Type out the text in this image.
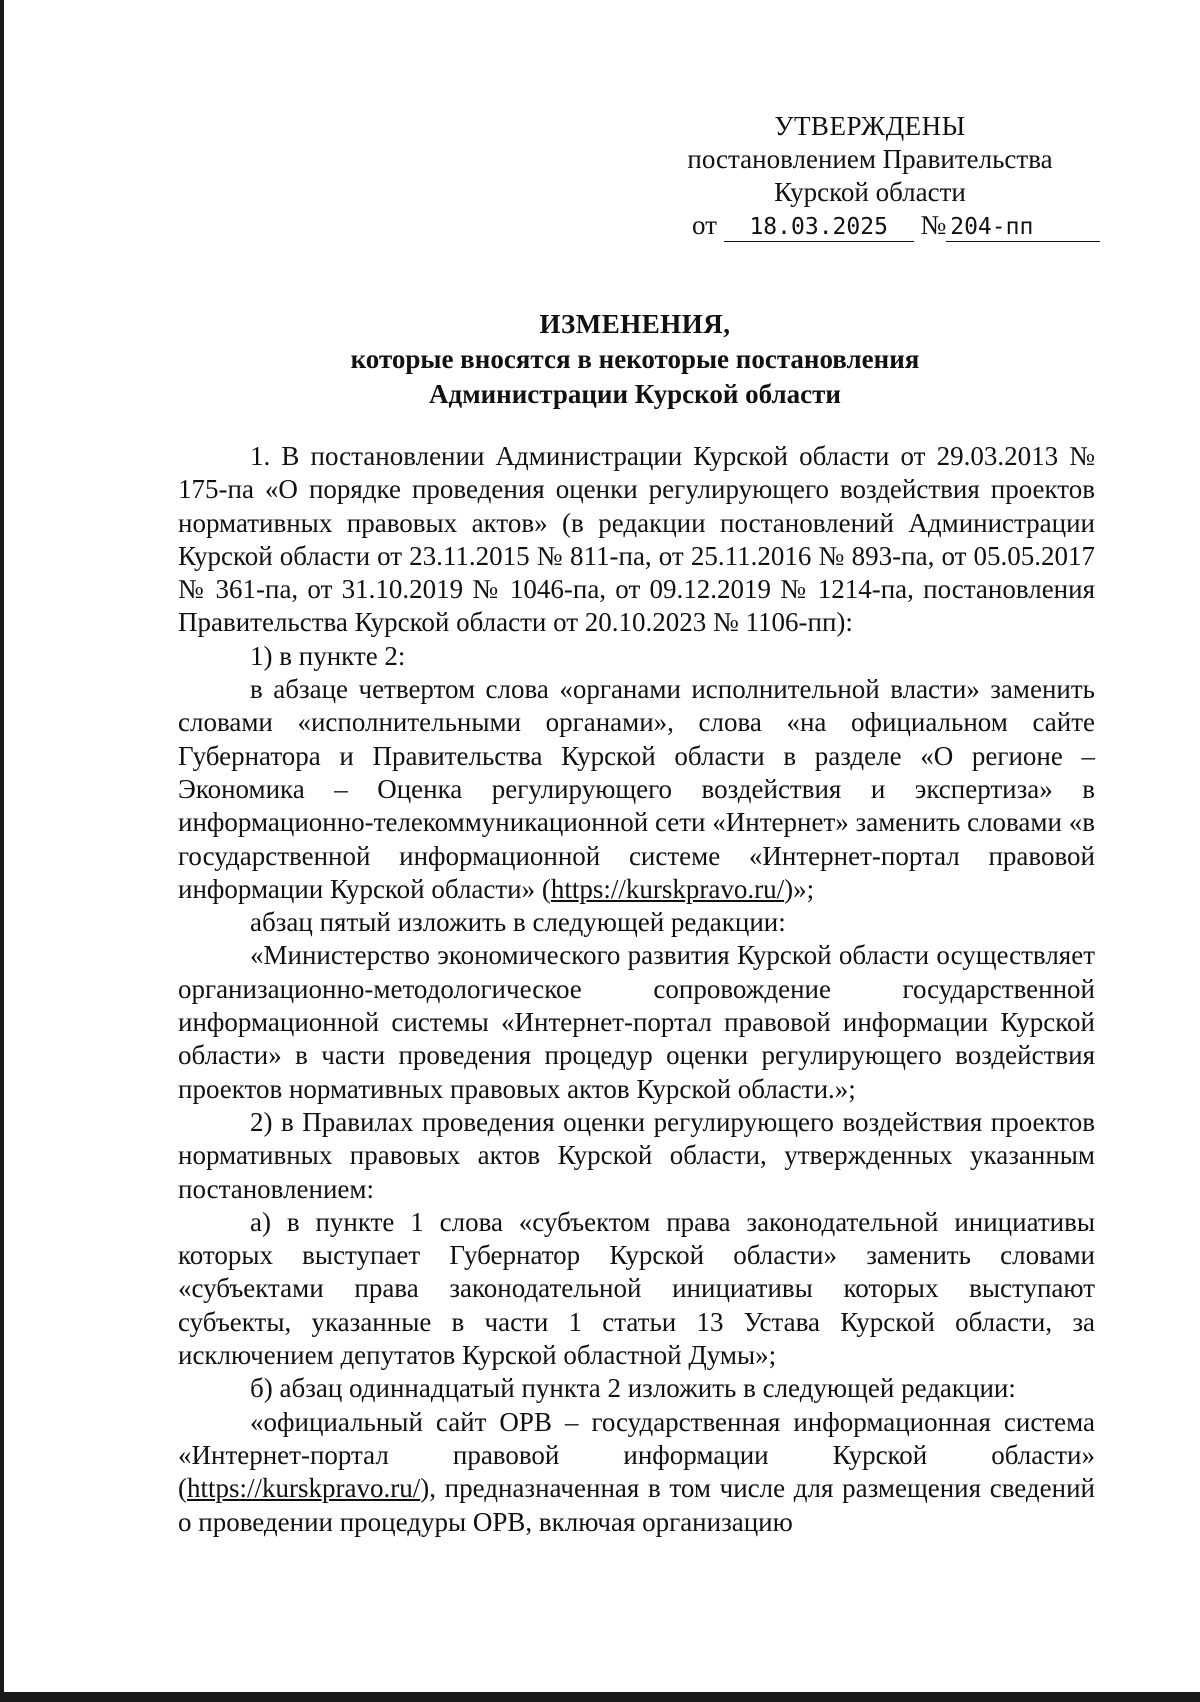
УТВЕРЖДЕНЫ
постановлением Правительства
Курской области
от 18.03.2025 № 204-пп
ИЗМЕНЕНИЯ,
которые вносятся в некоторые постановления
Администрации Курской области

1. В постановлении Администрации Курской области от 29.03.2013 № 175-па «О порядке проведения оценки регулирующего воздействия проектов нормативных правовых актов» (в редакции постановлений Администрации Курской области от 23.11.2015 № 811-па, от 25.11.2016 № 893-па, от 05.05.2017 № 361-па, от 31.10.2019 № 1046-па, от 09.12.2019 № 1214-па, постановления Правительства Курской области от 20.10.2023 № 1106-пп):

1) в пункте 2:

в абзаце четвертом слова «органами исполнительной власти» заменить словами «исполнительными органами», слова «на официальном сайте Губернатора и Правительства Курской области в разделе «О регионе – Экономика – Оценка регулирующего воздействия и экспертиза» в информационно-телекоммуникационной сети «Интернет» заменить словами «в государственной информационной системе «Интернет-портал правовой информации Курской области» (https://kurskpravo.ru/)»;

абзац пятый изложить в следующей редакции:

«Министерство экономического развития Курской области осуществляет организационно-методологическое сопровождение государственной информационной системы «Интернет-портал правовой информации Курской области» в части проведения процедур оценки регулирующего воздействия проектов нормативных правовых актов Курской области.»;

2) в Правилах проведения оценки регулирующего воздействия проектов нормативных правовых актов Курской области, утвержденных указанным постановлением:

а) в пункте 1 слова «субъектом права законодательной инициативы которых выступает Губернатор Курской области» заменить словами «субъектами права законодательной инициативы которых выступают субъекты, указанные в части 1 статьи 13 Устава Курской области, за исключением депутатов Курской областной Думы»;

б) абзац одиннадцатый пункта 2 изложить в следующей редакции:

«официальный сайт ОРВ – государственная информационная система «Интернет-портал правовой информации Курской области» (https://kurskpravo.ru/), предназначенная в том числе для размещения сведений о проведении процедуры ОРВ, включая организацию
